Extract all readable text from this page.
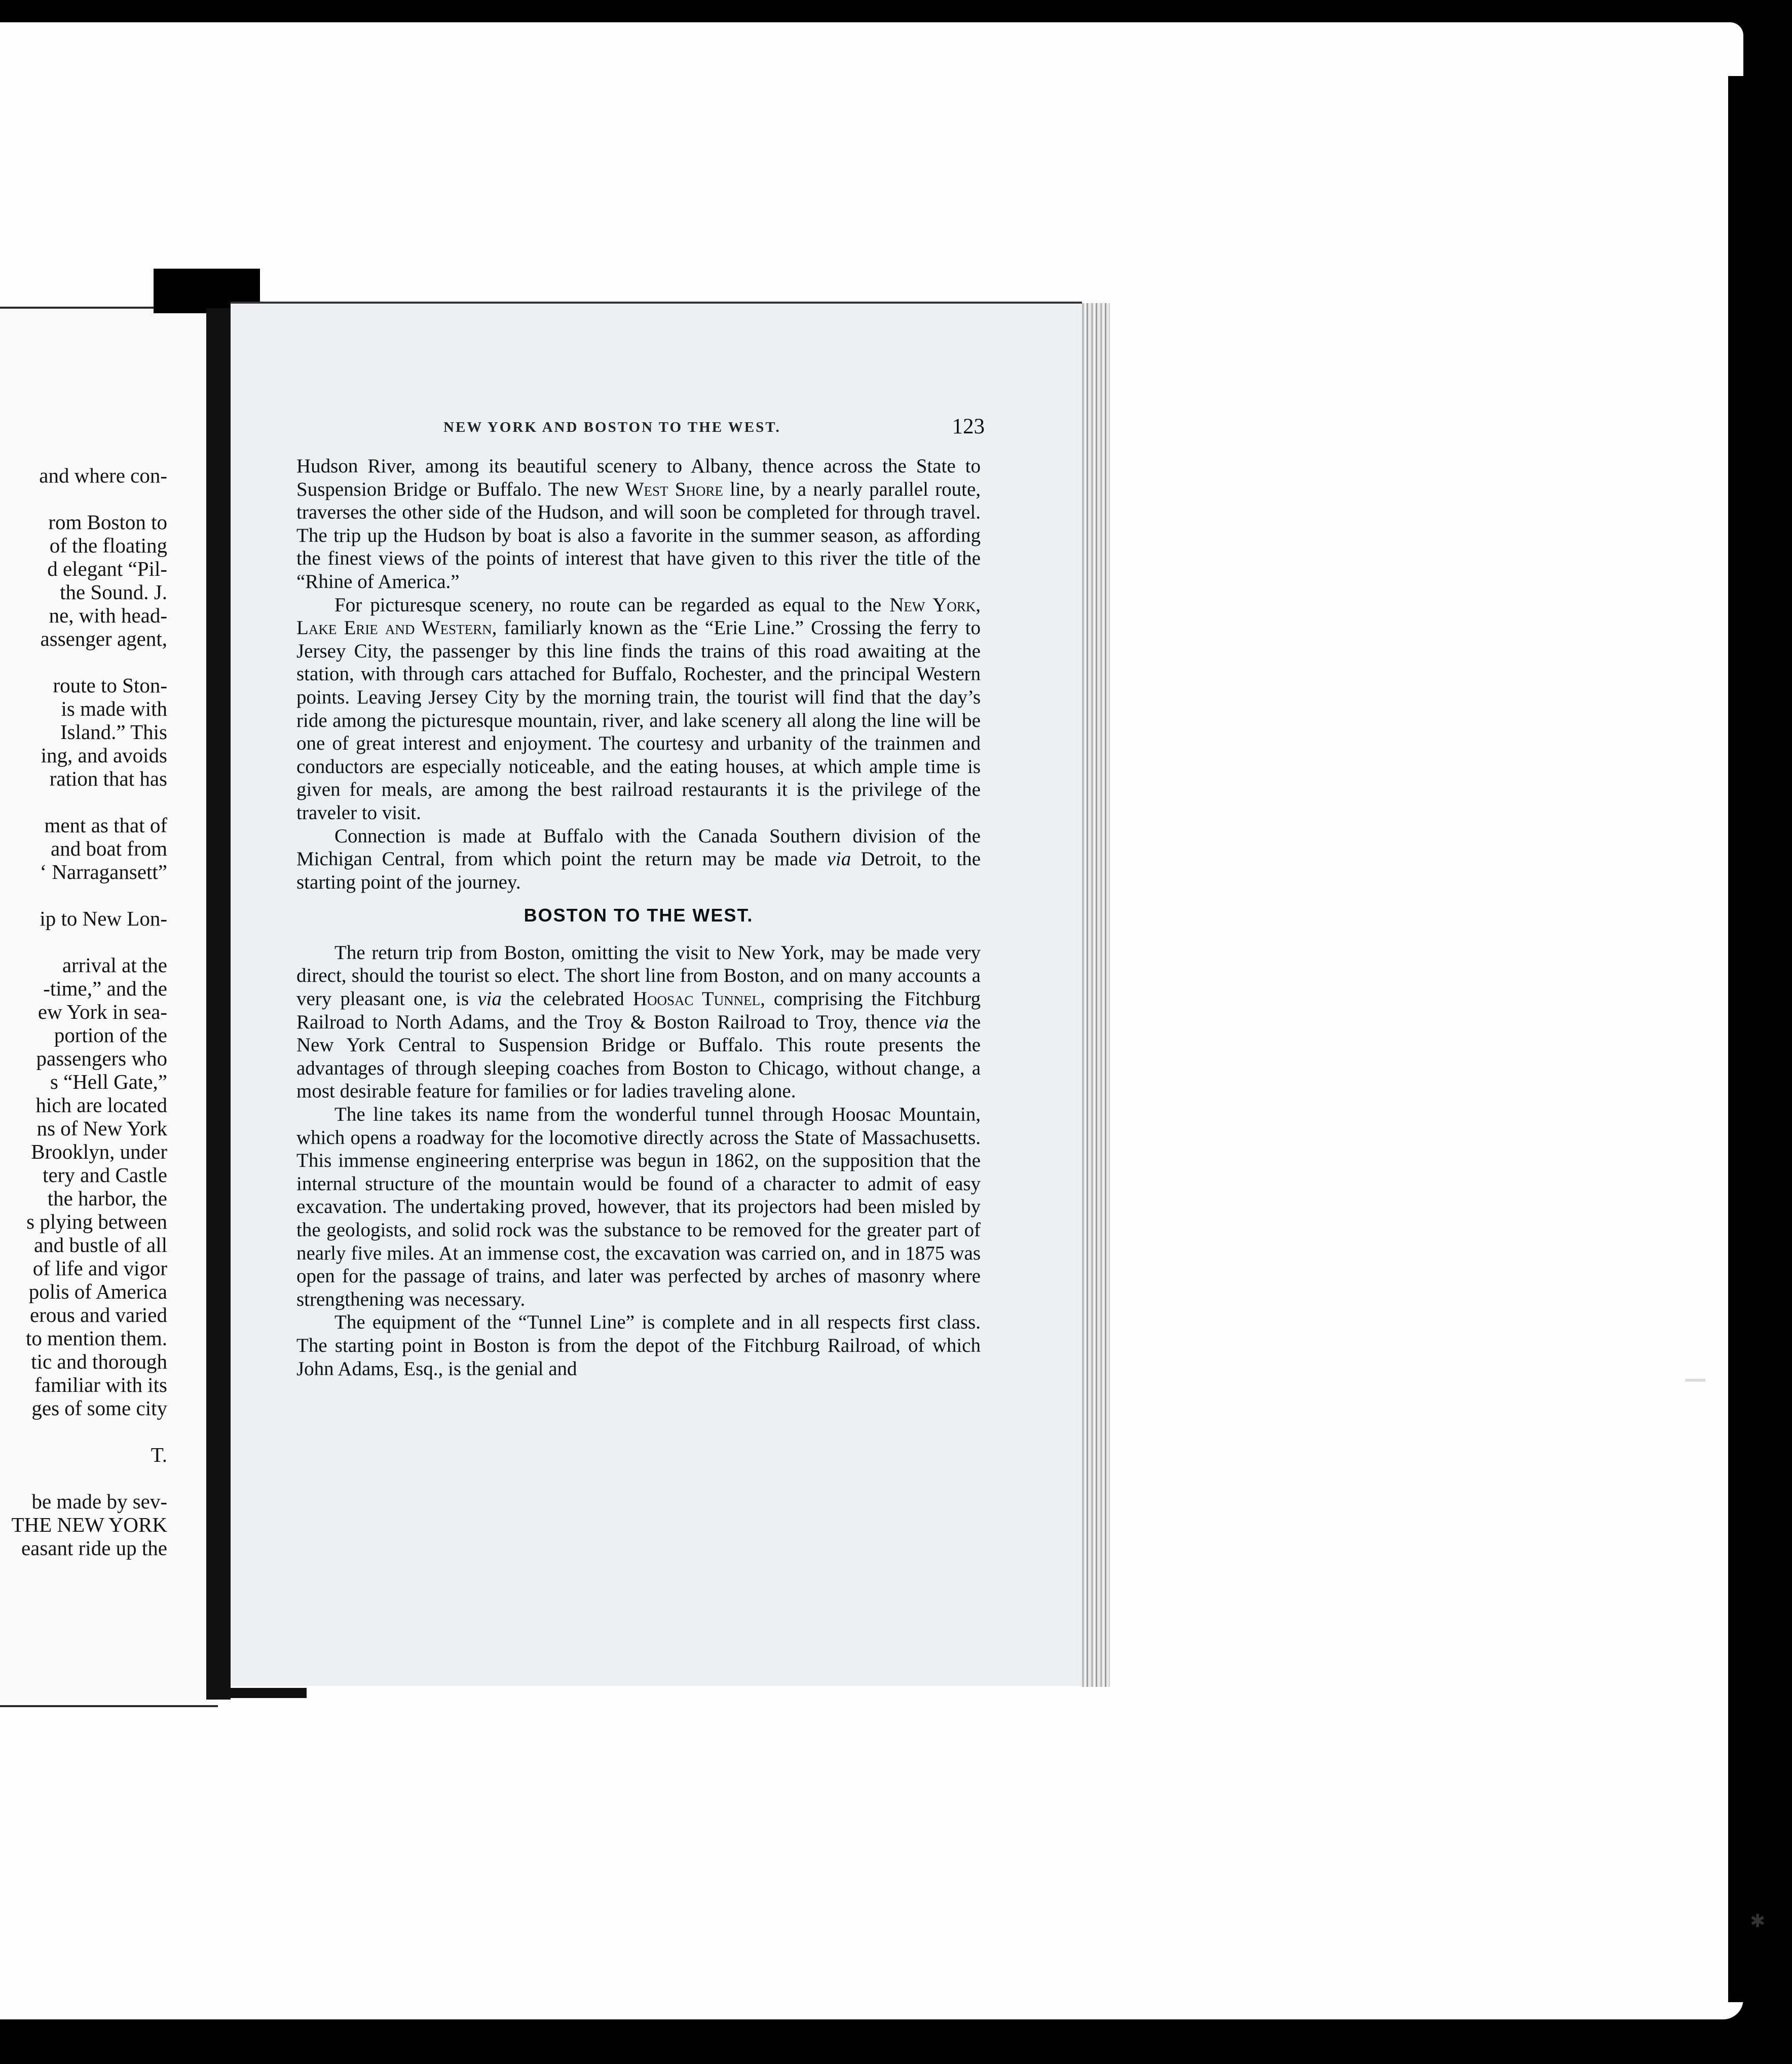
✱
and where con-

rom Boston to
of the floating
d elegant “Pil-
the Sound. J.
ne, with head-
assenger agent,

route to Ston-
is made with
Island.” This
ing, and avoids
ration that has

ment as that of
and boat from
‘ Narragansett”

ip to New Lon-

arrival at the
-time,” and the
ew York in sea-
portion of the
passengers who
s “Hell Gate,”
hich are located
ns of New York
Brooklyn, under
tery and Castle
the harbor, the
s plying between
and bustle of all
of life and vigor
polis of America
erous and varied
to mention them.
tic and thorough
familiar with its
ges of some city

T.

be made by sev-
THE NEW YORK
easant ride up the
NEW YORK AND BOSTON TO THE WEST.	123

Hudson River, among its beautiful scenery to Albany, thence across the State to Suspension Bridge or Buffalo. The new West Shore line, by a nearly parallel route, traverses the other side of the Hudson, and will soon be completed for through travel. The trip up the Hudson by boat is also a favorite in the summer season, as affording the finest views of the points of interest that have given to this river the title of the “Rhine of America.”

For picturesque scenery, no route can be regarded as equal to the New York, Lake Erie and Western, familiarly known as the “Erie Line.” Crossing the ferry to Jersey City, the passenger by this line finds the trains of this road awaiting at the station, with through cars attached for Buffalo, Rochester, and the principal Western points. Leaving Jersey City by the morning train, the tourist will find that the day’s ride among the picturesque mountain, river, and lake scenery all along the line will be one of great interest and enjoyment. The courtesy and urbanity of the trainmen and conductors are especially noticeable, and the eating houses, at which ample time is given for meals, are among the best railroad restaurants it is the privilege of the traveler to visit.

Connection is made at Buffalo with the Canada Southern division of the Michigan Central, from which point the return may be made via Detroit, to the starting point of the journey.

BOSTON TO THE WEST.

The return trip from Boston, omitting the visit to New York, may be made very direct, should the tourist so elect. The short line from Boston, and on many accounts a very pleasant one, is via the celebrated Hoosac Tunnel, comprising the Fitchburg Railroad to North Adams, and the Troy & Boston Railroad to Troy, thence via the New York Central to Suspension Bridge or Buffalo. This route presents the advantages of through sleeping coaches from Boston to Chicago, without change, a most desirable feature for families or for ladies traveling alone.

The line takes its name from the wonderful tunnel through Hoosac Mountain, which opens a roadway for the locomotive directly across the State of Massachusetts. This immense engineering enterprise was begun in 1862, on the supposition that the internal structure of the mountain would be found of a character to admit of easy excavation. The undertaking proved, however, that its projectors had been misled by the geologists, and solid rock was the substance to be removed for the greater part of nearly five miles. At an immense cost, the excavation was carried on, and in 1875 was open for the passage of trains, and later was perfected by arches of masonry where strengthening was necessary.

The equipment of the “Tunnel Line” is complete and in all respects first class. The starting point in Boston is from the depot of the Fitchburg Railroad, of which John Adams, Esq., is the genial and
